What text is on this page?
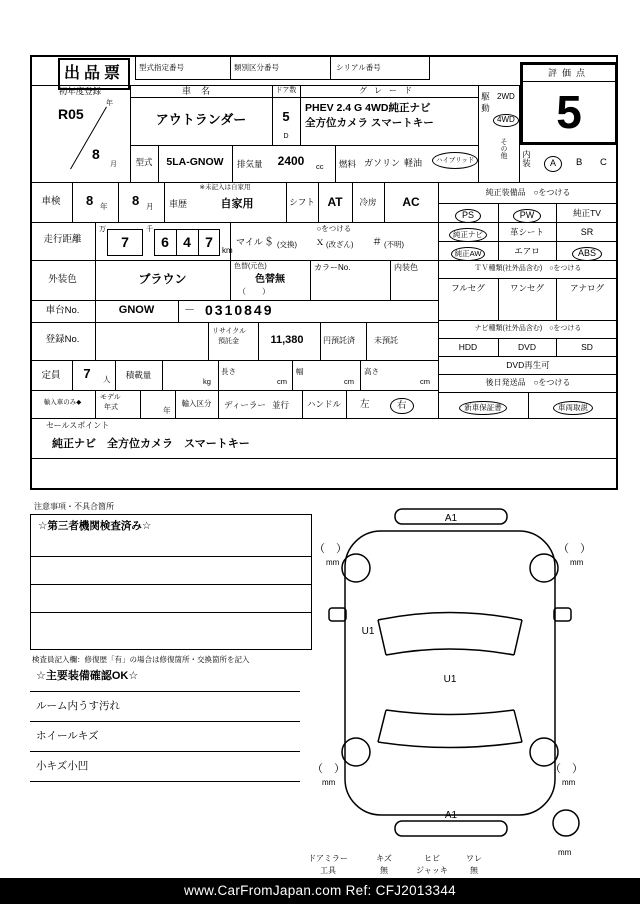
出品票	型式指定番号	類別区分番号	シリアル番号
評価点
5
初年度登録
年
R05
8
月
車名
アウトランダー
ドア数
5
D
グレード
PHEV 2.4 G 4WD純正ナビ 全方位カメラ スマートキー
駆動 2WD
4WD
その他
型式	5LA-GNOW	排気量	2400	cc 燃料 ガソリン 軽油	ハイブリッド	内装	A	B C
車検	8 年 8 月
※未記入は自家用
車歴	自家用	シフト	AT	冷房	AC
走行距離
万
7
千
6	4	7
km
マイル
○をつける
＄ (交換) ｘ (改ざん) ＃ (不明)
外装色	ブラウン
色替(元色)
色替無
（　　）
カラーNo.	内装色
車台No.	GNOW	－ 0310849
登録No.
リサイクル
預託金	11,380	円預託済 未預託
定員	7	人	積載量
kg
長さ
cm
幅
cm
高さ
cm
輸入車のみ◆
モデル
年式	年
輸入区分	ディーラー 並行	ハンドル	左	右
純正装備品　○をつける
PS	PW	純正TV
純正ナビ	革シート	SR
純正AW	エアロ	ABS
ＴＶ種類(社外品含む)　○をつける
フルセグ	ワンセグ	アナログ
ナビ種類(社外品含む)　○をつける
HDD	DVD	SD
DVD再生可
後日発送品　○をつける
新車保証書	車両取説
セールスポイント
純正ナビ　全方位カメラ　スマートキー
注意事項・不具合箇所
☆第三者機関検査済み☆
検査員記入欄：修復歴「有」の場合は修復箇所・交換箇所を記入
☆主要装備確認OK☆
ルーム内うす汚れ
ホイールキズ
小キズ小凹
A1
A1
U1
U1
（　）
mm
（　）
mm
（　）
mm
（　）
mm
mm
ドアミラー	キズ	ヒビ	ワレ
工具	無	ジャッキ	無
www.CarFromJapan.com Ref: CFJ2013344
